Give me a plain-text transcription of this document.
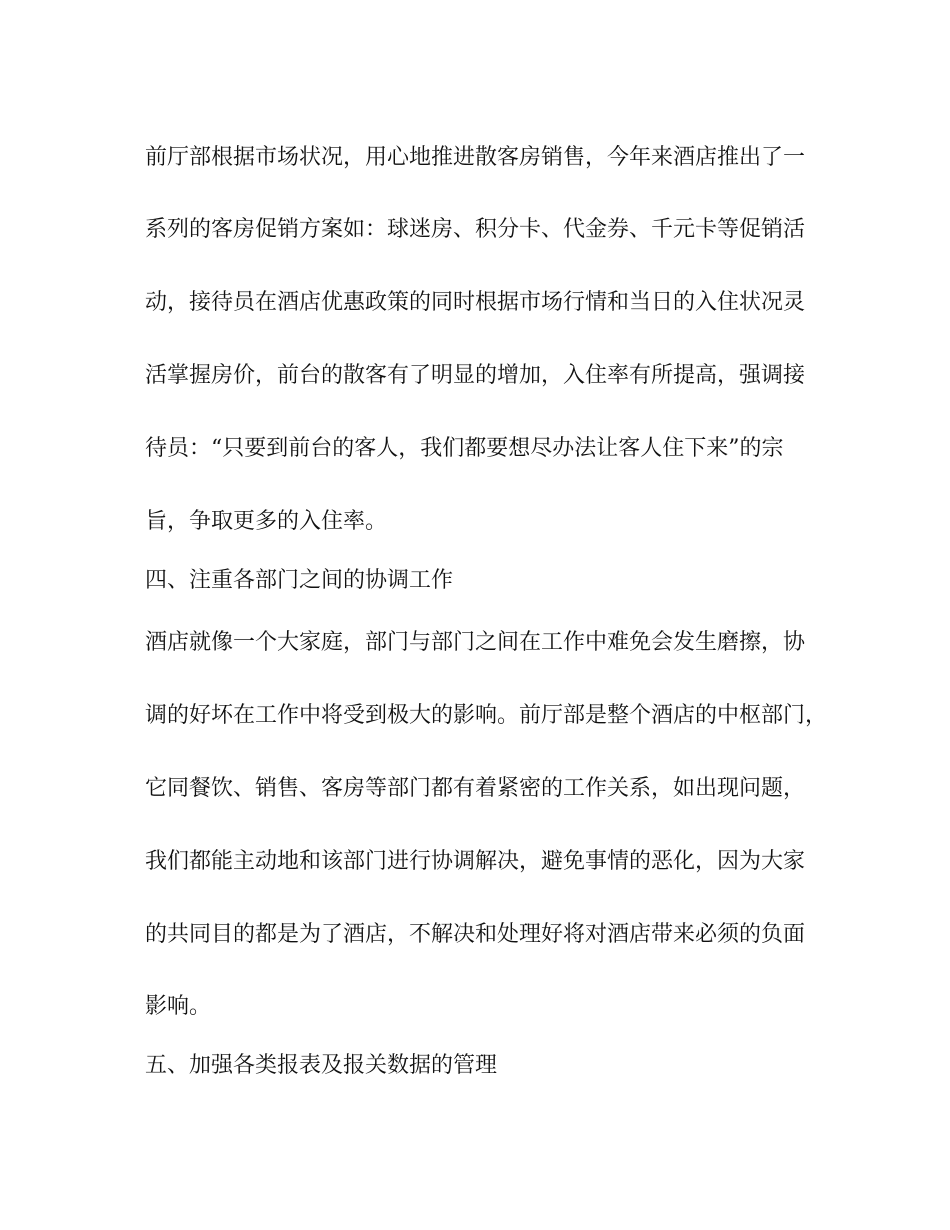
前厅部根据市场状况，用心地推进散客房销售，今年来酒店推出了一

系列的客房促销方案如：球迷房、积分卡、代金券、千元卡等促销活

动，接待员在酒店优惠政策的同时根据市场行情和当日的入住状况灵

活掌握房价，前台的散客有了明显的增加，入住率有所提高，强调接

待员：“只要到前台的客人，我们都要想尽办法让客人住下来”的宗

旨，争取更多的入住率。

四、注重各部门之间的协调工作

酒店就像一个大家庭，部门与部门之间在工作中难免会发生磨擦，协

调的好坏在工作中将受到极大的影响。前厅部是整个酒店的中枢部门，

它同餐饮、销售、客房等部门都有着紧密的工作关系，如出现问题，

我们都能主动地和该部门进行协调解决，避免事情的恶化，因为大家

的共同目的都是为了酒店，不解决和处理好将对酒店带来必须的负面

影响。

五、加强各类报表及报关数据的管理
